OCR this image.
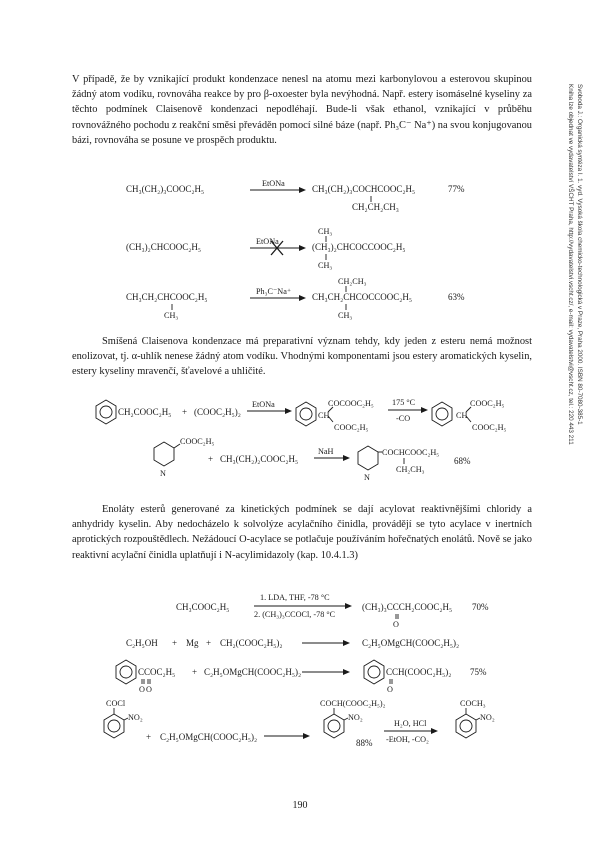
V případě, že by vznikající produkt kondenzace nenesl na atomu mezi karbonylovou a esterovou skupinou žádný atom vodíku, rovnováha reakce by pro β-oxoester byla nevýhodná. Např. estery isomáselné kyseliny za těchto podmínek Claisenově kondenzaci nepodléhají. Bude-li však ethanol, vznikající v průběhu rovnovážného pochodu z reakční směsi převáděn pomocí silné báze (např. Ph₃C⁻ Na⁺) na svou konjugovanou bázi, rovnováha se posune ve prospěch produktu.

CH₃(CH₂)₃COOC₂H₅
EtONa
CH₃(CH₂)₃COCHCOOC₂H₅
CH₂CH₂CH₃
77%
CH₃
(CH₃)₂CHCOOC₂H₅
EtONa
(CH₃)₂CHCOCCOOC₂H₅
CH₃
CH₂CH₃
CH₃CH₂CHCOOC₂H₅
CH₃
Ph₃C⁻Na⁺
CH₃CH₂CHCOCCOOC₂H₅
CH₃
63%

Smíšená Claisenova kondenzace má preparativní význam tehdy, kdy jeden z esteru nemá možnost enolizovat, tj. α-uhlík nenese žádný atom vodíku. Vhodnými komponentami jsou estery aromatických kyselin, estery kyseliny mravenčí, šťavelové a uhličité.

CH₂COOC₂H₅ + (COOC₂H₅)₂
EtONa	COCOOC₂H₅
CH
COOC₂H₅
175 °C
-CO
COOC₂H₅
CH
COOC₂H₅
COOC₂H₅
N
+ CH₃(CH₂)₂COOC₂H₅
NaH
N
COCHCOOC₂H₅
CH₂CH₃
68%

Enoláty esterů generované za kinetických podmínek se dají acylovat reaktivnějšími chloridy a anhydridy kyselin. Aby nedocházelo k solvolýze acylačního činidla, provádějí se tyto acylace v inertních aprotických rozpouštědlech. Nežádoucí O-acylace se potlačuje používáním hořečnatých enolátů. Nově se jako reaktivní acylační činidla uplatňují i N-acylimidazoly (kap. 10.4.1.3)

CH₃COOC₂H₅
1. LDA, THF, -78 °C
2. (CH₃)₃CCOCl, -78 °C
(CH₃)₃CCCH₂COOC₂H₅
O
70%
C₂H₅OH + Mg + CH₂(COOC₂H₅)₂	C₂H₅OMgCH(COOC₂H₅)₂
CCOC₂H₅
O O
+ C₂H₅OMgCH(COOC₂H₅)₂	CCH(COOC₂H₅)₂
O
75%
COCl
NO₂
+ C₂H₅OMgCH(COOC₂H₅)₂
COCH(COOC₂H₅)₂
NO₂
88%
H₂O, HCl
-EtOH, -CO₂
COCH₃
NO₂
Svoboda J.: Organická syntéza I. 1. vyd. Vysoká škola chemicko-technologická v Praze, Praha 2000. ISBN 80-7080-385-1
Kniha lze objednat ve vydavatelství VŠCHT Praha, http://vydavatelstvi.vscht.cz/, e-mail: vydavatelstvi@vscht.cz, tel.: 220 443 211
190
